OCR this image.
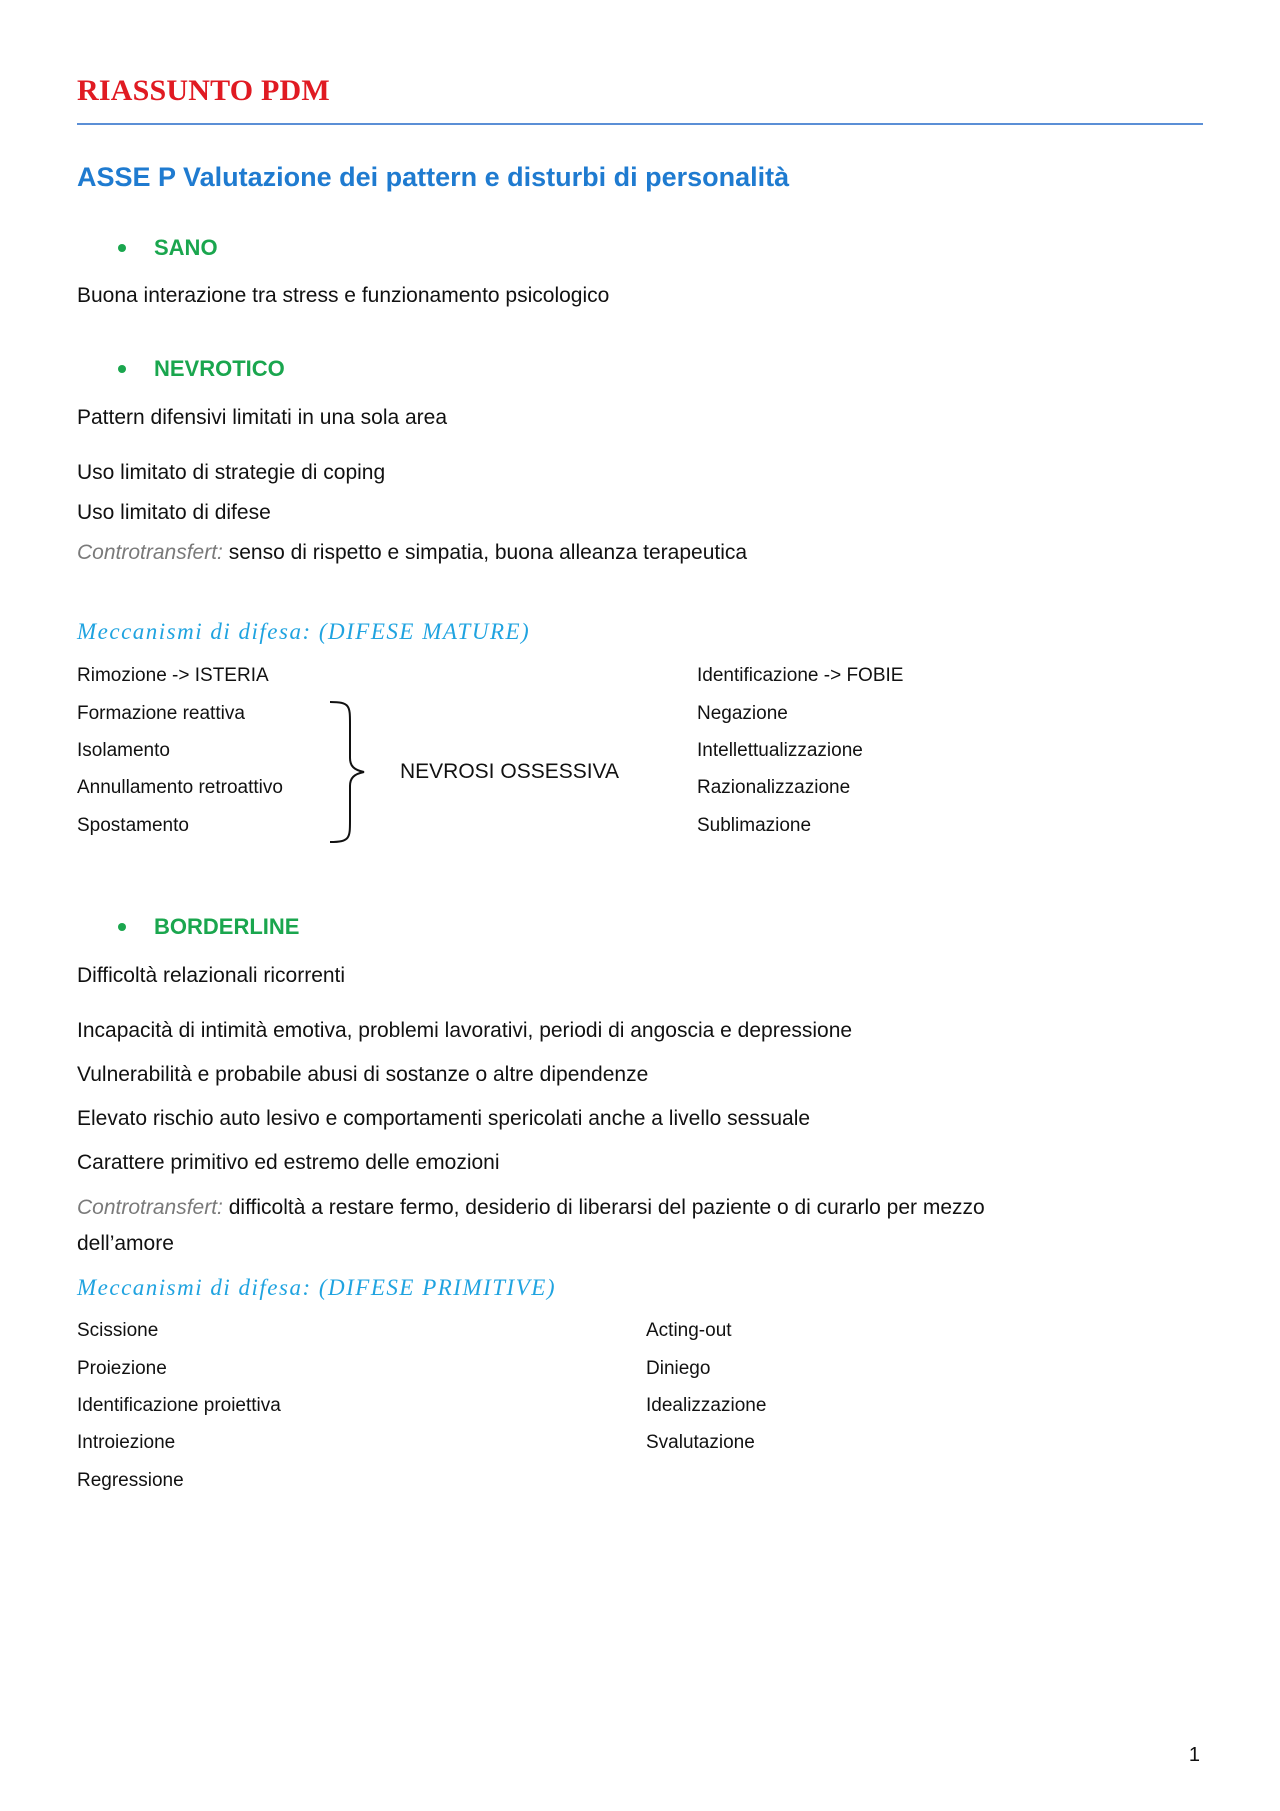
RIASSUNTO PDM
ASSE P Valutazione dei pattern e disturbi di personalità
SANO
Buona interazione tra stress e funzionamento psicologico
NEVROTICO
Pattern difensivi limitati in una sola area
Uso limitato di strategie di coping
Uso limitato di difese
Controtransfert: senso di rispetto e simpatia, buona alleanza terapeutica
Meccanismi di difesa: (DIFESE MATURE)
Rimozione -> ISTERIA
Formazione reattiva
Isolamento
Annullamento retroattivo
Spostamento
NEVROSI OSSESSIVA
Identificazione -> FOBIE
Negazione
Intellettualizzazione
Razionalizzazione
Sublimazione
BORDERLINE
Difficoltà relazionali ricorrenti
Incapacità di intimità emotiva, problemi lavorativi, periodi di angoscia e depressione
Vulnerabilità e probabile abusi di sostanze o altre dipendenze
Elevato rischio auto lesivo e comportamenti spericolati anche a livello sessuale
Carattere primitivo ed estremo delle emozioni
Controtransfert: difficoltà a restare fermo, desiderio di liberarsi del paziente o di curarlo per mezzo
dell’amore
Meccanismi di difesa: (DIFESE PRIMITIVE)
Scissione
Proiezione
Identificazione proiettiva
Introiezione
Regressione
Acting-out
Diniego
Idealizzazione
Svalutazione
1
